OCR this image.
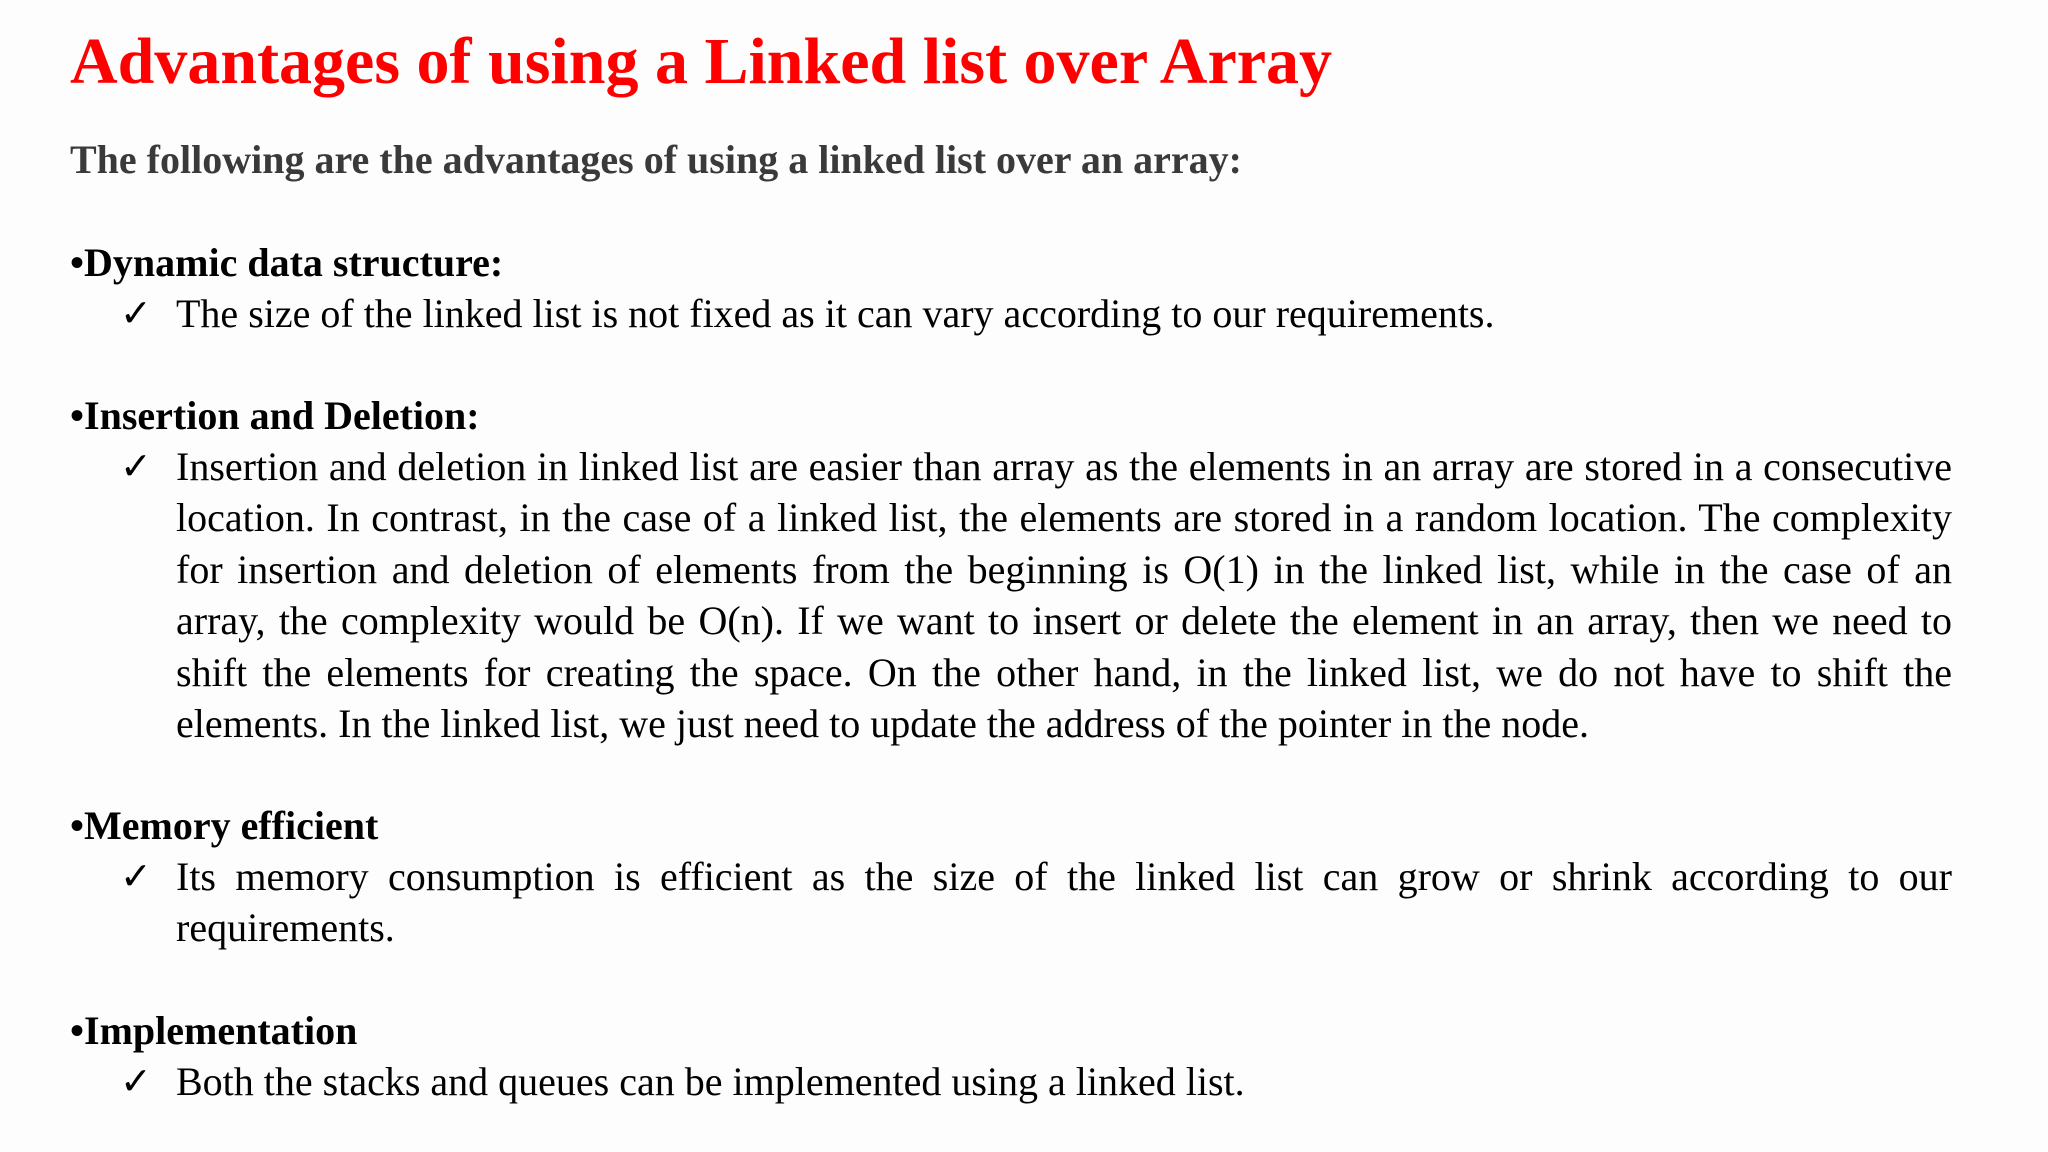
Advantages of using a Linked list over Array

The following are the advantages of using a linked list over an array:

•Dynamic data structure:
✓ The size of the linked list is not fixed as it can vary according to our requirements.
•Insertion and Deletion:
✓ Insertion and deletion in linked list are easier than array as the elements in an array are stored in a consecutive location. In contrast, in the case of a linked list, the elements are stored in a random location. The complexity for insertion and deletion of elements from the beginning is O(1) in the linked list, while in the case of an array, the complexity would be O(n). If we want to insert or delete the element in an array, then we need to shift the elements for creating the space. On the other hand, in the linked list, we do not have to shift the elements. In the linked list, we just need to update the address of the pointer in the node.
•Memory efficient
✓ Its memory consumption is efficient as the size of the linked list can grow or shrink according to our requirements.
•Implementation
✓ Both the stacks and queues can be implemented using a linked list.
